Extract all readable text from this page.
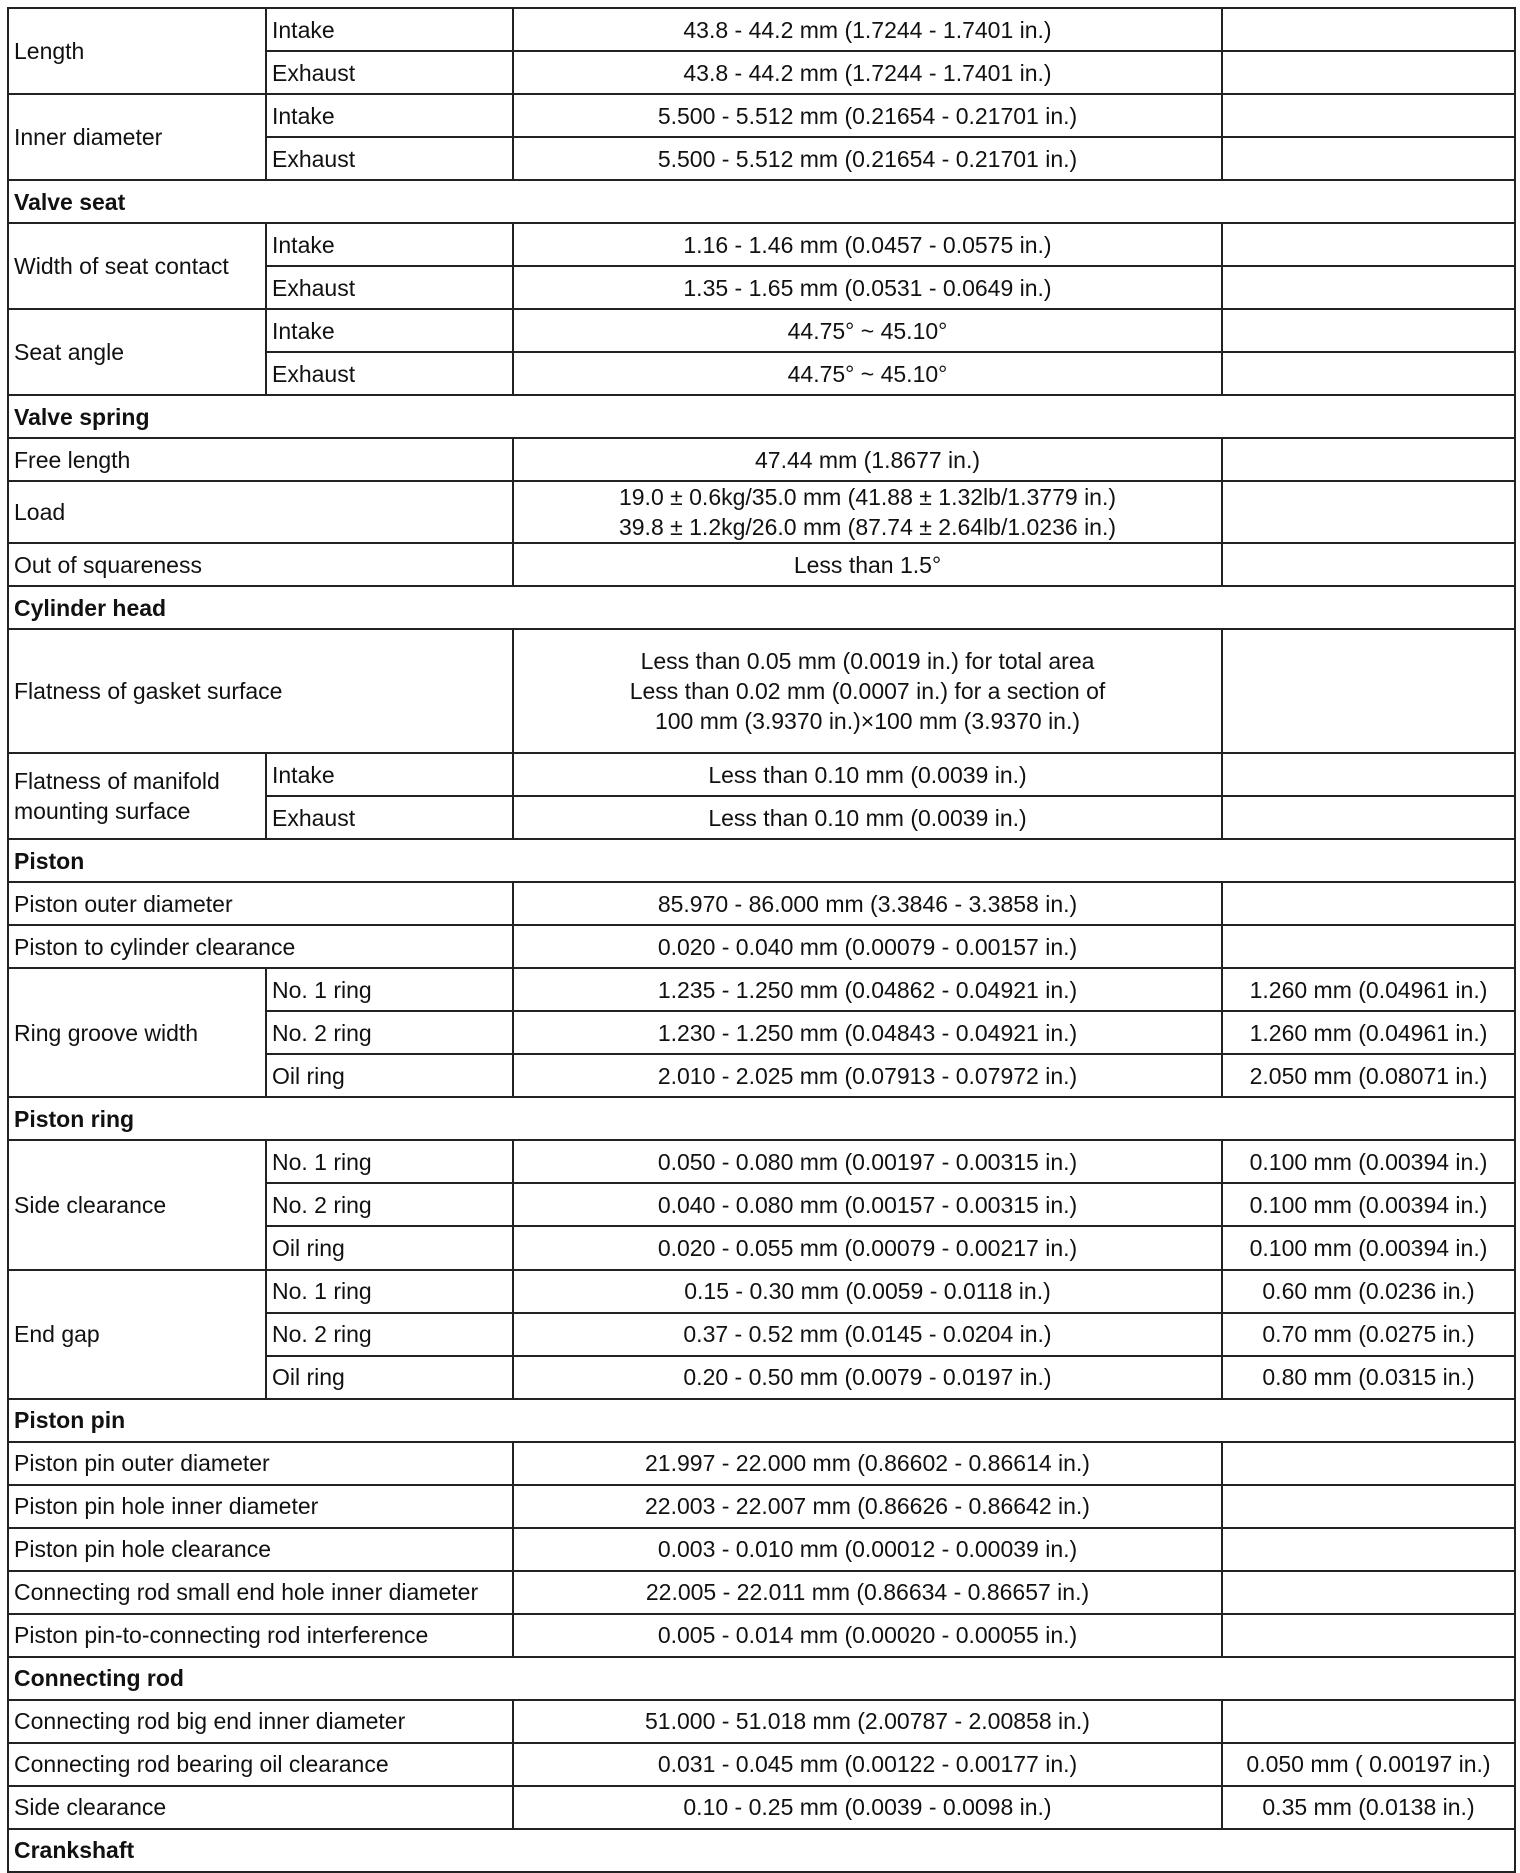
Length	Intake	43.8 - 44.2 mm (1.7244 - 1.7401 in.)	
	Exhaust	43.8 - 44.2 mm (1.7244 - 1.7401 in.)	
Inner diameter	Intake	5.500 - 5.512 mm (0.21654 - 0.21701 in.)	
	Exhaust	5.500 - 5.512 mm (0.21654 - 0.21701 in.)	
Valve seat			
Width of seat contact	Intake	1.16 - 1.46 mm (0.0457 - 0.0575 in.)	
	Exhaust	1.35 - 1.65 mm (0.0531 - 0.0649 in.)	
Seat angle	Intake	44.75° ~ 45.10°	
	Exhaust	44.75° ~ 45.10°	
Valve spring			
Free length		47.44 mm (1.8677 in.)	
Load		19.0 ± 0.6kg/35.0 mm (41.88 ± 1.32lb/1.3779 in.)
39.8 ± 1.2kg/26.0 mm (87.74 ± 2.64lb/1.0236 in.)	
Out of squareness		Less than 1.5°	
Cylinder head			
Flatness of gasket surface		Less than 0.05 mm (0.0019 in.) for total area
Less than 0.02 mm (0.0007 in.) for a section of
100 mm (3.9370 in.)×100 mm (3.9370 in.)	
Flatness of manifold mounting surface	Intake	Less than 0.10 mm (0.0039 in.)	
	Exhaust	Less than 0.10 mm (0.0039 in.)	
Piston			
Piston outer diameter		85.970 - 86.000 mm (3.3846 - 3.3858 in.)	
Piston to cylinder clearance		0.020 - 0.040 mm (0.00079 - 0.00157 in.)	
Ring groove width	No. 1 ring	1.235 - 1.250 mm (0.04862 - 0.04921 in.)	1.260 mm (0.04961 in.)
	No. 2 ring	1.230 - 1.250 mm (0.04843 - 0.04921 in.)	1.260 mm (0.04961 in.)
	Oil ring	2.010 - 2.025 mm (0.07913 - 0.07972 in.)	2.050 mm (0.08071 in.)
Piston ring			
Side clearance	No. 1 ring	0.050 - 0.080 mm (0.00197 - 0.00315 in.)	0.100 mm (0.00394 in.)
	No. 2 ring	0.040 - 0.080 mm (0.00157 - 0.00315 in.)	0.100 mm (0.00394 in.)
	Oil ring	0.020 - 0.055 mm (0.00079 - 0.00217 in.)	0.100 mm (0.00394 in.)
End gap	No. 1 ring	0.15 - 0.30 mm (0.0059 - 0.0118 in.)	0.60 mm (0.0236 in.)
	No. 2 ring	0.37 - 0.52 mm (0.0145 - 0.0204 in.)	0.70 mm (0.0275 in.)
	Oil ring	0.20 - 0.50 mm (0.0079 - 0.0197 in.)	0.80 mm (0.0315 in.)
Piston pin			
Piston pin outer diameter		21.997 - 22.000 mm (0.86602 - 0.86614 in.)	
Piston pin hole inner diameter		22.003 - 22.007 mm (0.86626 - 0.86642 in.)	
Piston pin hole clearance		0.003 - 0.010 mm (0.00012 - 0.00039 in.)	
Connecting rod small end hole inner diameter		22.005 - 22.011 mm (0.86634 - 0.86657 in.)	
Piston pin-to-connecting rod interference		0.005 - 0.014 mm (0.00020 - 0.00055 in.)	
Connecting rod			
Connecting rod big end inner diameter		51.000 - 51.018 mm (2.00787 - 2.00858 in.)	
Connecting rod bearing oil clearance		0.031 - 0.045 mm (0.00122 - 0.00177 in.)	0.050 mm ( 0.00197 in.)
Side clearance		0.10 - 0.25 mm (0.0039 - 0.0098 in.)	0.35 mm (0.0138 in.)
Crankshaft			
